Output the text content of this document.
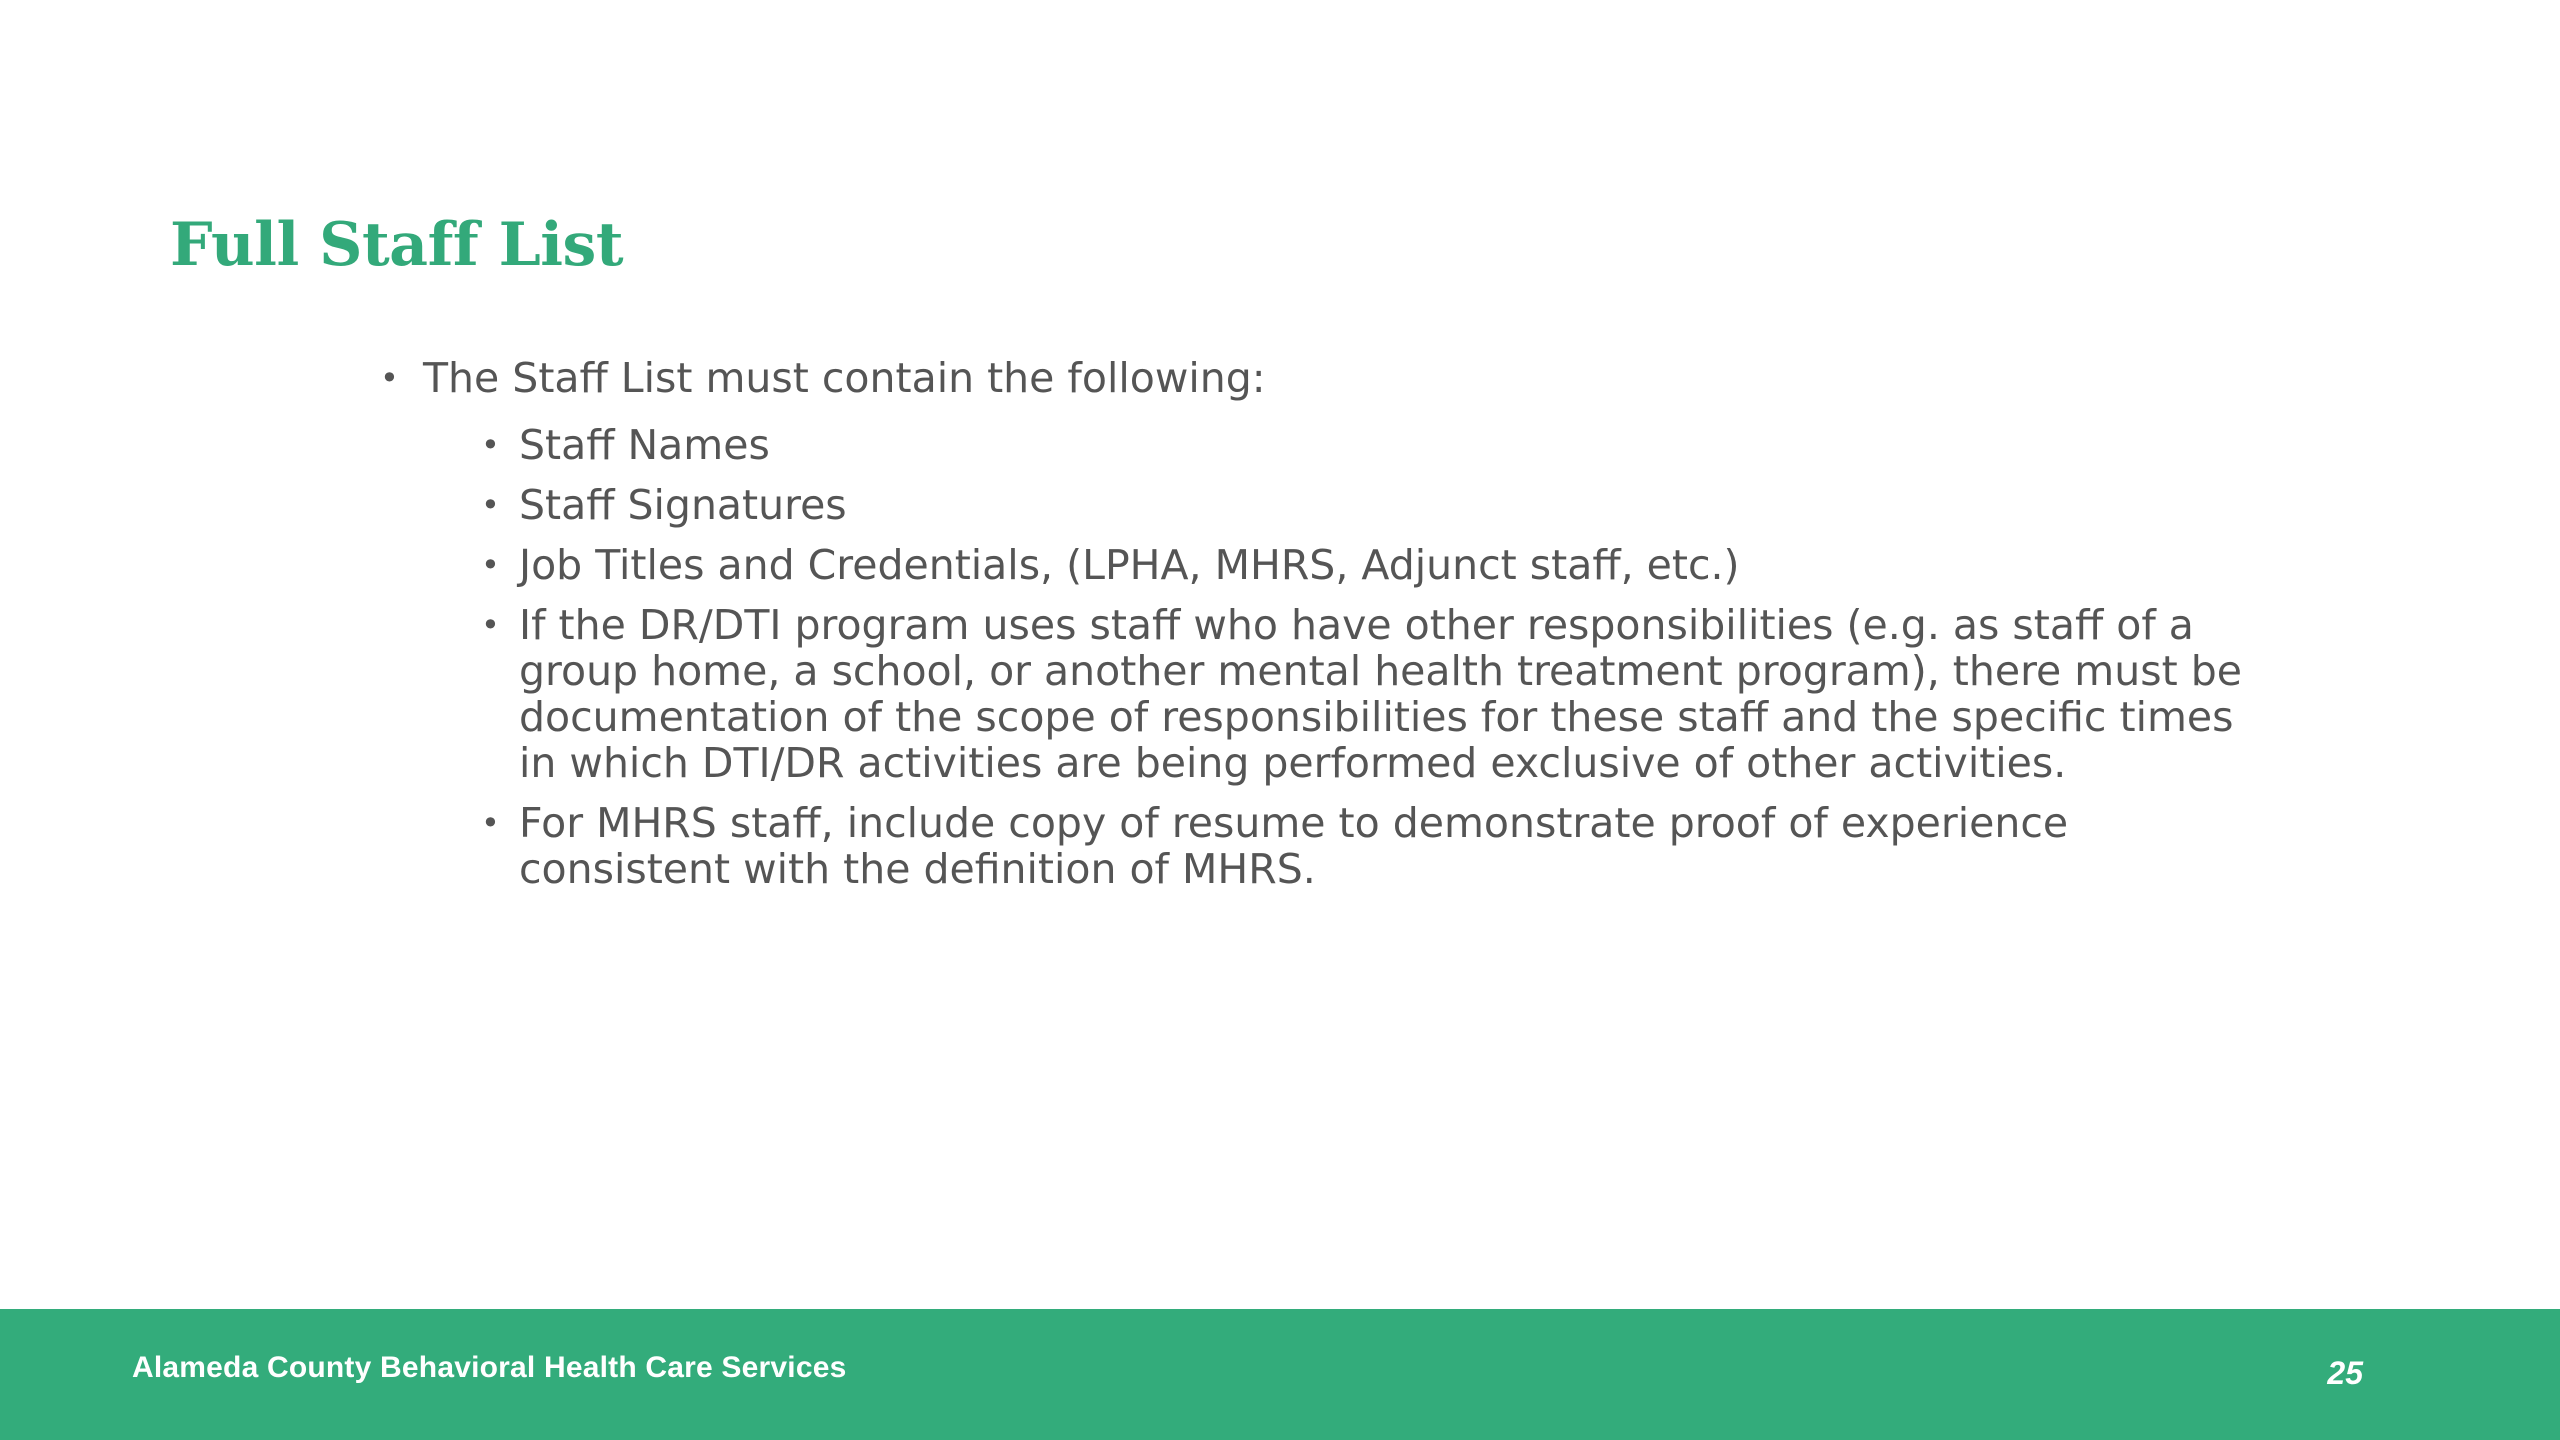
Full Staff List
• The Staff List must contain the following:
• Staff Names
• Staff Signatures
• Job Titles and Credentials, (LPHA, MHRS, Adjunct staff, etc.)
• If the DR/DTI program uses staff who have other responsibilities (e.g. as staff of a group home, a school, or another mental health treatment program), there must be documentation of the scope of responsibilities for these staff and the specific times in which DTI/DR activities are being performed exclusive of other activities.
• For MHRS staff, include copy of resume to demonstrate proof of experience consistent with the definition of MHRS.
Alameda County Behavioral Health Care Services	25
